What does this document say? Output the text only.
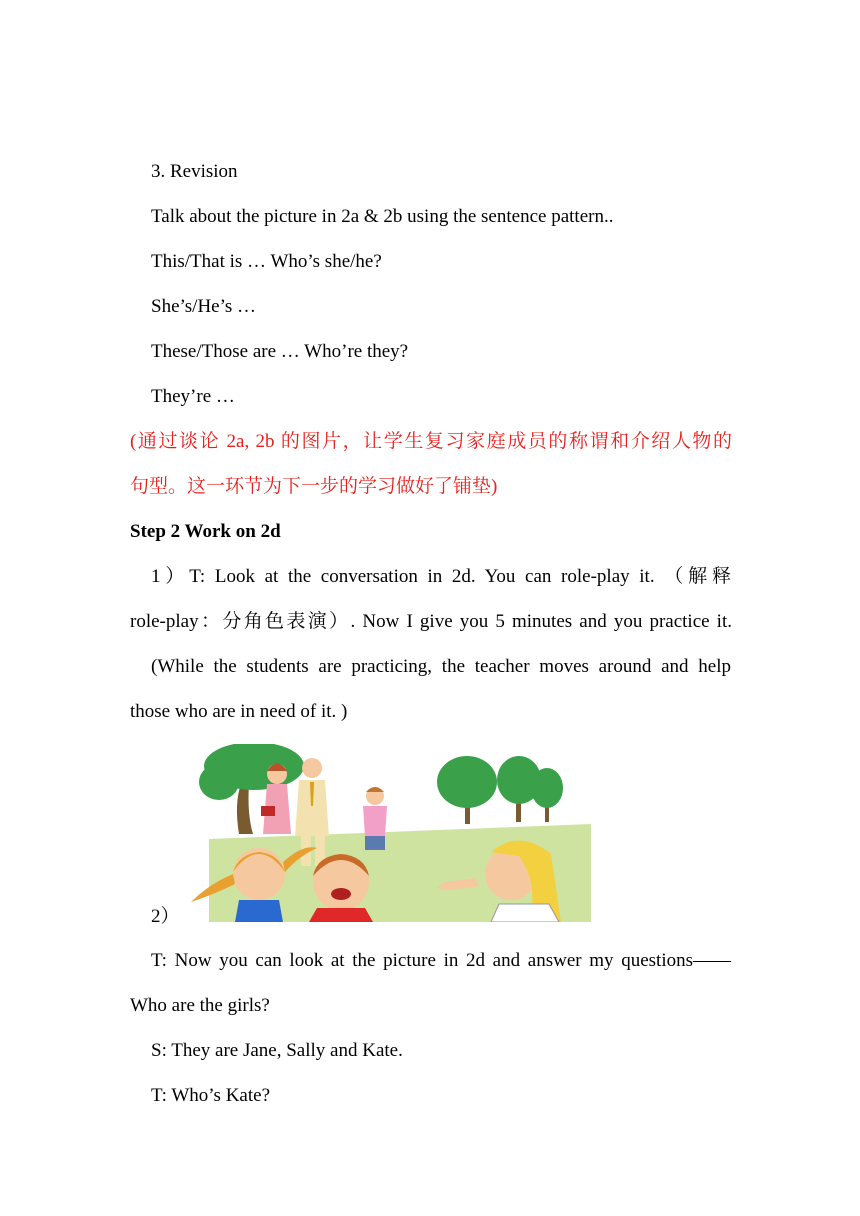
3. Revision
Talk about the picture in 2a & 2b using the sentence pattern..
This/That is … Who’s she/he?
She’s/He’s …
These/Those are … Who’re they?
They’re …
(通过谈论 2a, 2b 的图片，让学生复习家庭成员的称谓和介绍人物的
句型。这一环节为下一步的学习做好了铺垫)
Step 2 Work on 2d
1）T: Look at the conversation in 2d. You can role-play it. （解释
role-play：分角色表演）. Now I give you 5 minutes and you practice it.
(While the students are practicing, the teacher moves around and help
those who are in need of it. )
2）
T: Now you can look at the picture in 2d and answer my questions——
Who are the girls?
S: They are Jane, Sally and Kate.
T: Who’s Kate?
